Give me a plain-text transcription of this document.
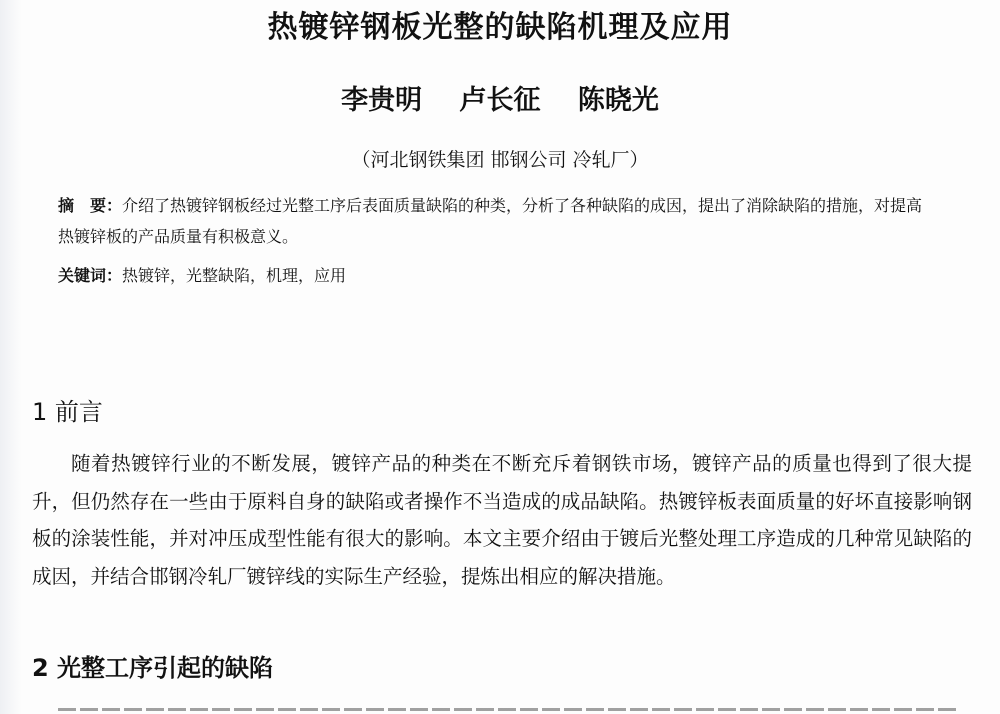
热镀锌钢板光整的缺陷机理及应用
李贵明 卢长征 陈晓光
（河北钢铁集团 邯钢公司 冷轧厂）
摘　要：介绍了热镀锌钢板经过光整工序后表面质量缺陷的种类，分析了各种缺陷的成因，提出了消除缺陷的措施，对提高热镀锌板的产品质量有积极意义。
关键词：热镀锌，光整缺陷，机理，应用
1 前言
随着热镀锌行业的不断发展，镀锌产品的种类在不断充斥着钢铁市场，镀锌产品的质量也得到了很大提升，但仍然存在一些由于原料自身的缺陷或者操作不当造成的成品缺陷。热镀锌板表面质量的好坏直接影响钢板的涂装性能，并对冲压成型性能有很大的影响。本文主要介绍由于镀后光整处理工序造成的几种常见缺陷的成因，并结合邯钢冷轧厂镀锌线的实际生产经验，提炼出相应的解决措施。
2 光整工序引起的缺陷
